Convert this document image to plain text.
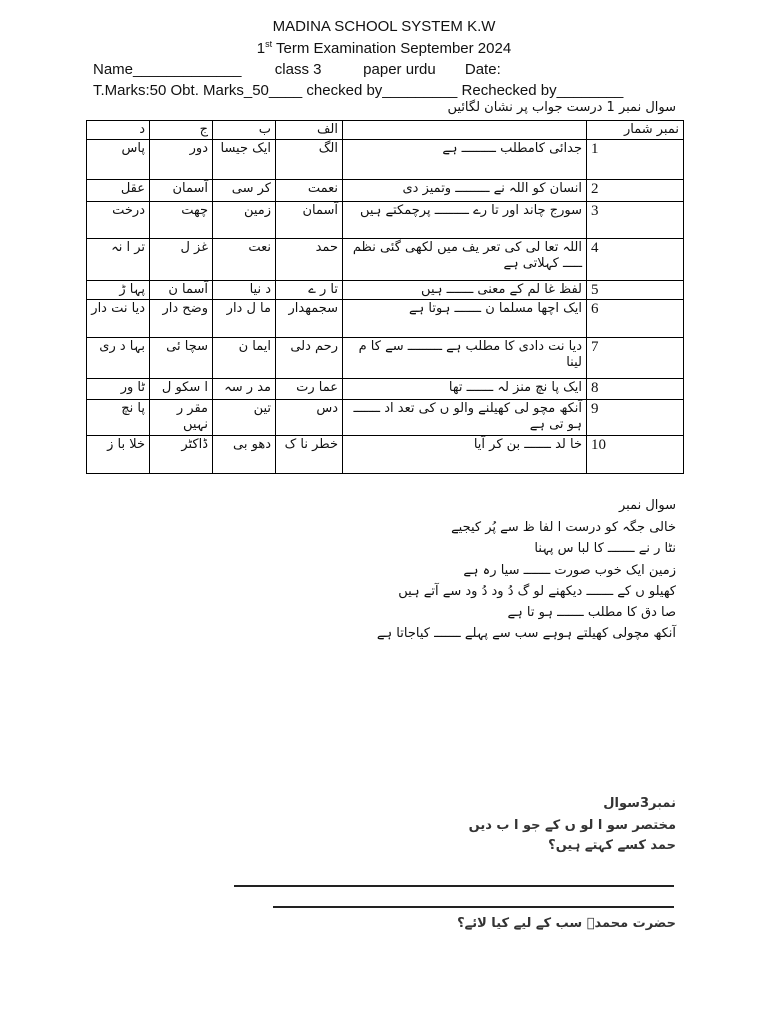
MADINA SCHOOL SYSTEM K.W
1st Term Examination September 2024
Name_____________        class 3          paper urdu       Date:
T.Marks:50 Obt. Marks_50____ checked by_________ Rechecked by________
سوال نمبر 1 درست جواب پر نشان لگائیں
د	ج	ب	الف		نمبر شمار
پاس	دور	ایک جیسا	الگ	جدائی کامطلب ـــــــــ ہے	1
عقل	آسمان	کر سی	نعمت	انسان کو اللہ نے ـــــــــ وتمیز دی	2
درخت	چھت	زمین	آسمان	سورج چاند اور تا رے ـــــــــ پرچمکتے ہیں	3
تر ا نہ	غز ل	نعت	حمد	اللہ تعا لی کی تعر یف میں لکھی گئی نظم ـــــ کہلاتی ہے	4
پہا ڑ	آسما ن	د نیا	تا ر ے	لفظ غا لم کے معنی ـــــــ ہیں	5
دیا نت دار	وضح دار	ما ل دار	سجمھدار	ایک اچھا مسلما ن ـــــــ ہوتا ہے	6
بہا د ری	سچا ئی	ایما ن	رحم دلی	دیا نت دادی کا مطلب ہے ـــــــــ سے کا م لینا	7
ٹا ور	ا سکو ل	مد ر سہ	عما رت	ایک پا نچ منز لہ ـــــــ تھا	8
پا نچ	مقر ر نہیں	تین	دس	آنکھ مچو لی کھیلنے والو ں کی تعد اد ـــــــ ہو تی ہے	9
خلا با ز	ڈاکٹر	دھو بی	خطر نا ک	خا لد ـــــــ بن کر آیا	10
سوال نمبر
خالی جگہ کو درست ا لفا ظ سے پُر کیجیے
نٹا ر نے ـــــــ کا لبا س پہنا
زمین ایک خوب صورت ـــــــ سیا رہ ہے
کھیلو ں کے ـــــــ دیکھنے لو گ دُ ود دُ ود سے آتے ہیں
صا دق کا مطلب ـــــــ ہو تا ہے
آنکھ مچولی کھیلتے ہوہے سب سے پہلے ـــــــ کیاجاتا ہے
نمبر3سوال
مختصر سو ا لو ں کے جو ا ب دیں
حمد کسے کہتے ہیں؟
حضرت محمدؐ سب کے لیے کیا لائے؟
